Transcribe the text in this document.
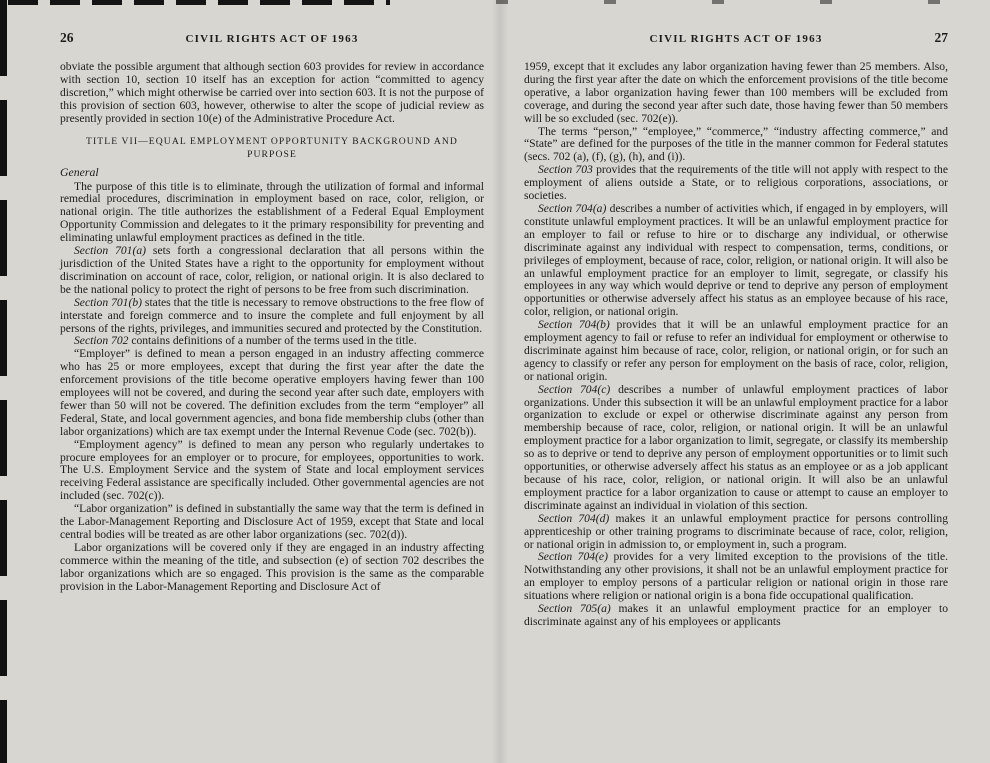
26	CIVIL RIGHTS ACT OF 1963

obviate the possible argument that although section 603 provides for review in accordance with section 10, section 10 itself has an exception for action “committed to agency discretion,” which might otherwise be carried over into section 603. It is not the purpose of this provision of section 603, however, otherwise to alter the scope of judicial review as presently provided in section 10(e) of the Administrative Procedure Act.

TITLE VII—EQUAL EMPLOYMENT OPPORTUNITY BACKGROUND AND PURPOSE
General

The purpose of this title is to eliminate, through the utilization of formal and informal remedial procedures, discrimination in employment based on race, color, religion, or national origin. The title authorizes the establishment of a Federal Equal Employment Opportunity Commission and delegates to it the primary responsibility for preventing and eliminating unlawful employment practices as defined in the title.

Section 701(a) sets forth a congressional declaration that all persons within the jurisdiction of the United States have a right to the opportunity for employment without discrimination on account of race, color, religion, or national origin. It is also declared to be the national policy to protect the right of persons to be free from such discrimination.

Section 701(b) states that the title is necessary to remove obstructions to the free flow of interstate and foreign commerce and to insure the complete and full enjoyment by all persons of the rights, privileges, and immunities secured and protected by the Constitution.

Section 702 contains definitions of a number of the terms used in the title.

“Employer” is defined to mean a person engaged in an industry affecting commerce who has 25 or more employees, except that during the first year after the date the enforcement provisions of the title become operative employers having fewer than 100 employees will not be covered, and during the second year after such date, employers with fewer than 50 will not be covered. The definition excludes from the term “employer” all Federal, State, and local government agencies, and bona fide membership clubs (other than labor organizations) which are tax exempt under the Internal Revenue Code (sec. 702(b)).

“Employment agency” is defined to mean any person who regularly undertakes to procure employees for an employer or to procure, for employees, opportunities to work. The U.S. Employment Service and the system of State and local employment services receiving Federal assistance are specifically included. Other governmental agencies are not included (sec. 702(c)).

“Labor organization” is defined in substantially the same way that the term is defined in the Labor-Management Reporting and Disclosure Act of 1959, except that State and local central bodies will be treated as are other labor organizations (sec. 702(d)).

Labor organizations will be covered only if they are engaged in an industry affecting commerce within the meaning of the title, and subsection (e) of section 702 describes the labor organizations which are so engaged. This provision is the same as the comparable provision in the Labor-Management Reporting and Disclosure Act of

CIVIL RIGHTS ACT OF 1963	27

1959, except that it excludes any labor organization having fewer than 25 members. Also, during the first year after the date on which the enforcement provisions of the title become operative, a labor organization having fewer than 100 members will be excluded from coverage, and during the second year after such date, those having fewer than 50 members will be so excluded (sec. 702(e)).

The terms “person,” “employee,” “commerce,” “industry affecting commerce,” and “State” are defined for the purposes of the title in the manner common for Federal statutes (secs. 702 (a), (f), (g), (h), and (i)).

Section 703 provides that the requirements of the title will not apply with respect to the employment of aliens outside a State, or to religious corporations, associations, or societies.

Section 704(a) describes a number of activities which, if engaged in by employers, will constitute unlawful employment practices. It will be an unlawful employment practice for an employer to fail or refuse to hire or to discharge any individual, or otherwise discriminate against any individual with respect to compensation, terms, conditions, or privileges of employment, because of race, color, religion, or national origin. It will also be an unlawful employment practice for an employer to limit, segregate, or classify his employees in any way which would deprive or tend to deprive any person of employment opportunities or otherwise adversely affect his status as an employee because of his race, color, religion, or national origin.

Section 704(b) provides that it will be an unlawful employment practice for an employment agency to fail or refuse to refer an individual for employment or otherwise to discriminate against him because of race, color, religion, or national origin, or for such an agency to classify or refer any person for employment on the basis of race, color, religion, or national origin.

Section 704(c) describes a number of unlawful employment practices of labor organizations. Under this subsection it will be an unlawful employment practice for a labor organization to exclude or expel or otherwise discriminate against any person from membership because of race, color, religion, or national origin. It will be an unlawful employment practice for a labor organization to limit, segregate, or classify its membership so as to deprive or tend to deprive any person of employment opportunities or to limit such opportunities, or otherwise adversely affect his status as an employee or as a job applicant because of his race, color, religion, or national origin. It will also be an unlawful employment practice for a labor organization to cause or attempt to cause an employer to discriminate against an individual in violation of this section.

Section 704(d) makes it an unlawful employment practice for persons controlling apprenticeship or other training programs to discriminate because of race, color, religion, or national origin in admission to, or employment in, such a program.

Section 704(e) provides for a very limited exception to the provisions of the title. Notwithstanding any other provisions, it shall not be an unlawful employment practice for an employer to employ persons of a particular religion or national origin in those rare situations where religion or national origin is a bona fide occupational qualification.

Section 705(a) makes it an unlawful employment practice for an employer to discriminate against any of his employees or applicants
